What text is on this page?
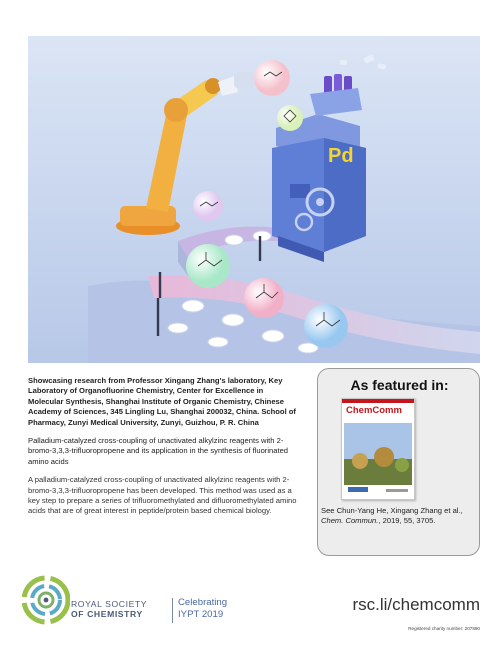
Pd

Showcasing research from Professor Xingang Zhang's laboratory, Key Laboratory of Organofluorine Chemistry, Center for Excellence in Molecular Synthesis, Shanghai Institute of Organic Chemistry, Chinese Academy of Sciences, 345 Lingling Lu, Shanghai 200032, China. School of Pharmacy, Zunyi Medical University, Zunyi, Guizhou, P. R. China

Palladium-catalyzed cross-coupling of unactivated alkylzinc reagents with 2-bromo-3,3,3-trifluoropropene and its application in the synthesis of fluorinated amino acids

A palladium-catalyzed cross-coupling of unactivated alkylzinc reagents with 2-bromo-3,3,3-trifluoropropene has been developed. This method was used as a key step to prepare a series of trifluoromethylated and difluoromethylated amino acids that are of great interest in peptide/protein based chemical biology.

As featured in:
ChemComm
See Chun-Yang He, Xingang Zhang et al.,
Chem. Commun., 2019, 55, 3705.
ROYAL SOCIETY
OF CHEMISTRY
Celebrating
IYPT 2019
rsc.li/chemcomm
Registered charity number: 207890
